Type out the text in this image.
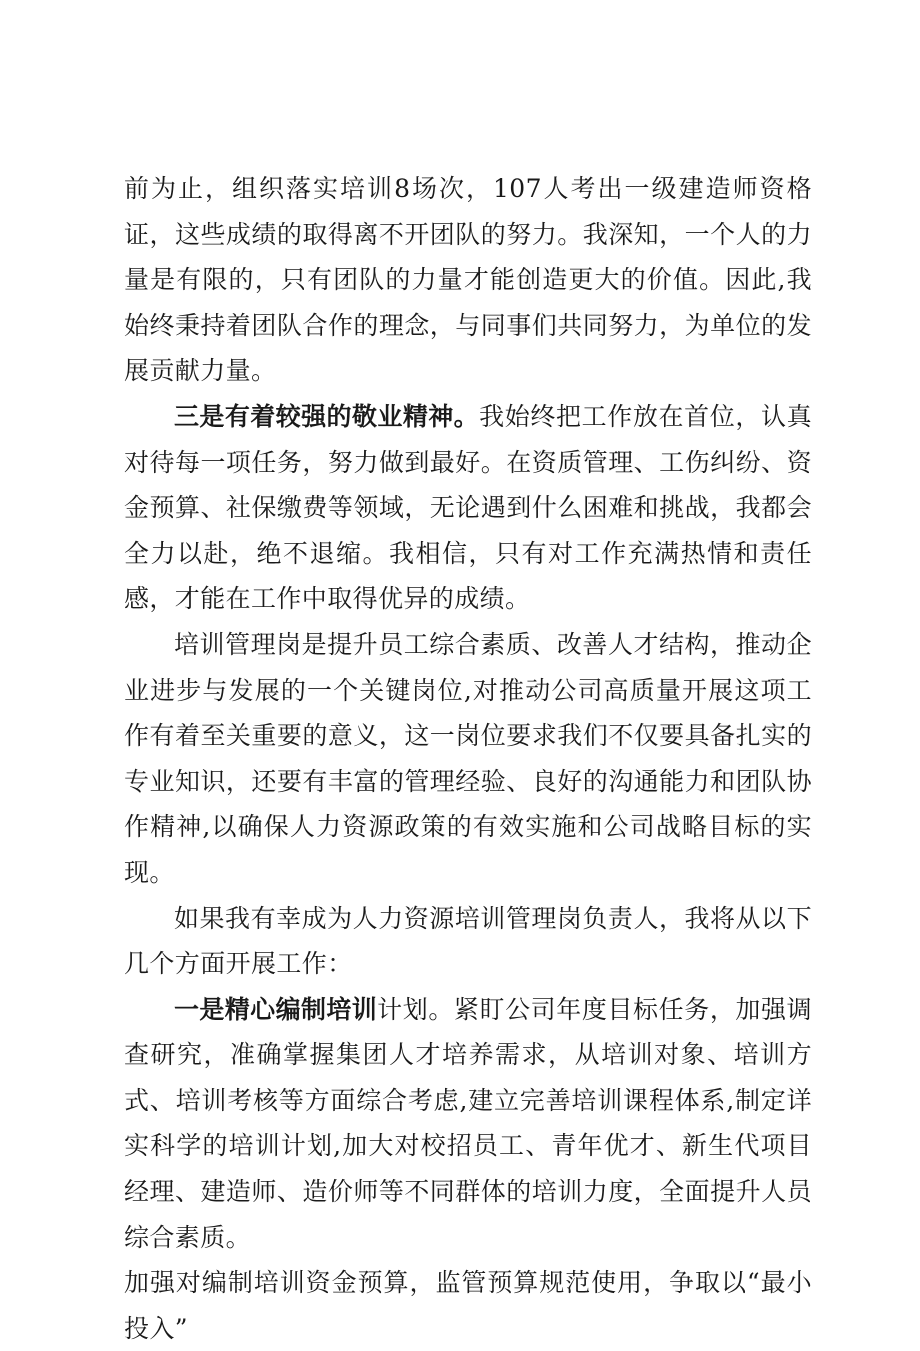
前为止，组织落实培训8场次，107人考出一级建造师资格证，这些成绩的取得离不开团队的努力。我深知，一个人的力量是有限的，只有团队的力量才能创造更大的价值。因此,我始终秉持着团队合作的理念，与同事们共同努力，为单位的发展贡献力量。

三是有着较强的敬业精神。我始终把工作放在首位，认真对待每一项任务，努力做到最好。在资质管理、工伤纠纷、资金预算、社保缴费等领域，无论遇到什么困难和挑战，我都会全力以赴，绝不退缩。我相信，只有对工作充满热情和责任感，才能在工作中取得优异的成绩。

培训管理岗是提升员工综合素质、改善人才结构，推动企业进步与发展的一个关键岗位,对推动公司高质量开展这项工作有着至关重要的意义，这一岗位要求我们不仅要具备扎实的专业知识，还要有丰富的管理经验、良好的沟通能力和团队协作精神,以确保人力资源政策的有效实施和公司战略目标的实现。

如果我有幸成为人力资源培训管理岗负责人，我将从以下几个方面开展工作：

一是精心编制培训计划。紧盯公司年度目标任务，加强调查研究，准确掌握集团人才培养需求，从培训对象、培训方式、培训考核等方面综合考虑,建立完善培训课程体系,制定详实科学的培训计划,加大对校招员工、青年优才、新生代项目经理、建造师、造价师等不同群体的培训力度，全面提升人员综合素质。

加强对编制培训资金预算，监管预算规范使用，争取以“最小投入”
